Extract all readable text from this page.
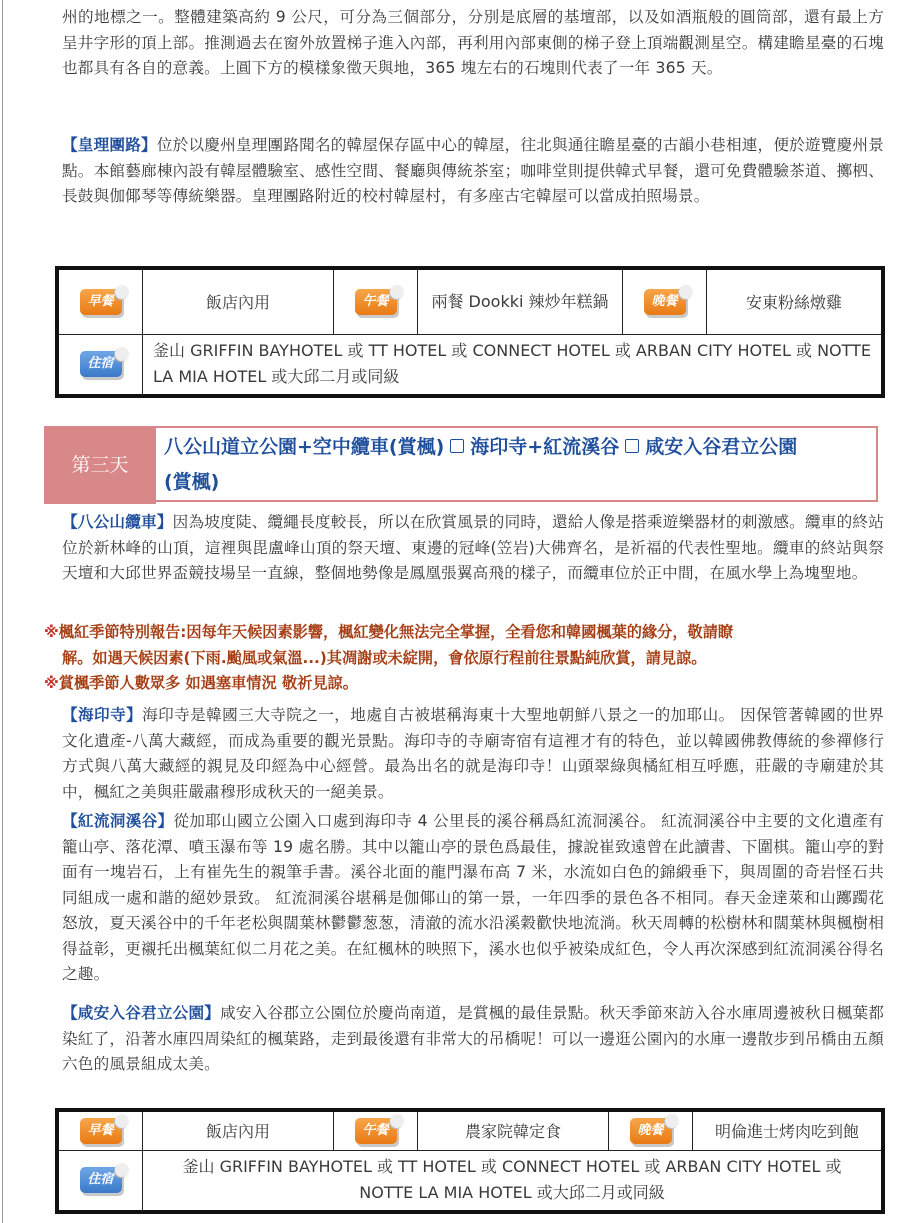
州的地標之一。整體建築高約 9 公尺，可分為三個部分，分別是底層的基壇部，以及如酒瓶般的圓筒部，還有最上方呈井字形的頂上部。推測過去在窗外放置梯子進入內部，再利用內部東側的梯子登上頂端觀測星空。構建瞻星臺的石塊也都具有各自的意義。上圓下方的模樣象徵天與地，365 塊左右的石塊則代表了一年 365 天。

【皇理團路】位於以慶州皇理團路聞名的韓屋保存區中心的韓屋，往北與通往瞻星臺的古韻小巷相連，便於遊覽慶州景點。本館藝廊棟內設有韓屋體驗室、感性空間、餐廳與傳統茶室；咖啡堂則提供韓式早餐，還可免費體驗茶道、擲柶、長鼓與伽倻琴等傳統樂器。皇理團路附近的校村韓屋村，有多座古宅韓屋可以當成拍照場景。

早餐	飯店內用	午餐	兩餐 Dookki 辣炒年糕鍋	晚餐	安東粉絲燉雞
住宿	釜山 GRIFFIN BAYHOTEL 或 TT HOTEL 或 CONNECT HOTEL 或 ARBAN CITY HOTEL 或 NOTTE LA MIA HOTEL 或大邱二月或同級				
第三天
八公山道立公園+空中纜車(賞楓) 海印寺+紅流溪谷 咸安入谷君立公園
(賞楓)

【八公山纜車】因為坡度陡、纜繩長度較長，所以在欣賞風景的同時，還給人像是搭乘遊樂器材的刺激感。纜車的終站位於新林峰的山頂，這裡與毘盧峰山頂的祭天壇、東邊的冠峰(笠岩)大佛齊名，是祈福的代表性聖地。纜車的終站與祭天壇和大邱世界盃競技場呈一直線，整個地勢像是鳳凰張翼高飛的樣子，而纜車位於正中間，在風水學上為塊聖地。

※楓紅季節特別報告:因每年天候因素影響，楓紅變化無法完全掌握，全看您和韓國楓葉的緣分，敬請瞭
解。如遇天候因素(下雨.颱風或氣溫...)其凋謝或未綻開，會依原行程前往景點純欣賞，請見諒。
※賞楓季節人數眾多 如遇塞車情況 敬祈見諒。

【海印寺】海印寺是韓國三大寺院之一，地處自古被堪稱海東十大聖地朝鮮八景之一的加耶山。 因保管著韓國的世界文化遺產-八萬大藏經，而成為重要的觀光景點。海印寺的寺廟寄宿有這裡才有的特色，並以韓國佛教傳統的參禪修行方式與八萬大藏經的親見及印經為中心經營。最為出名的就是海印寺！山頭翠綠與橘紅相互呼應，莊嚴的寺廟建於其中，楓紅之美與莊嚴肅穆形成秋天的一絕美景。

【紅流洞溪谷】從加耶山國立公園入口處到海印寺 4 公里長的溪谷稱爲紅流洞溪谷。 紅流洞溪谷中主要的文化遺產有籠山亭、落花潭、噴玉瀑布等 19 處名勝。其中以籠山亭的景色爲最佳，據說崔致遠曾在此讀書、下圍棋。籠山亭的對面有一塊岩石，上有崔先生的親筆手書。溪谷北面的龍門瀑布高 7 米，水流如白色的錦緞垂下，與周圍的奇岩怪石共同組成一處和諧的絕妙景致。 紅流洞溪谷堪稱是伽倻山的第一景，一年四季的景色各不相同。春天金達萊和山躑躅花怒放，夏天溪谷中的千年老松與闊葉林鬱鬱葱葱，清澈的流水沿溪穀歡快地流淌。秋天周轉的松樹林和闊葉林與楓樹相得益彰，更襯托出楓葉紅似二月花之美。在紅楓林的映照下，溪水也似乎被染成紅色，令人再次深感到紅流洞溪谷得名之趣。

【咸安入谷君立公園】咸安入谷郡立公園位於慶尚南道，是賞楓的最佳景點。秋天季節來訪入谷水庫周邊被秋日楓葉都染紅了，沿著水庫四周染紅的楓葉路，走到最後還有非常大的吊橋呢！可以一邊逛公園內的水庫一邊散步到吊橋由五顏六色的風景組成太美。

早餐	飯店內用	午餐	農家院韓定食	晚餐	明倫進士烤肉吃到飽
住宿	釜山 GRIFFIN BAYHOTEL 或 TT HOTEL 或 CONNECT HOTEL 或 ARBAN CITY HOTEL 或 NOTTE LA MIA HOTEL 或大邱二月或同級				
